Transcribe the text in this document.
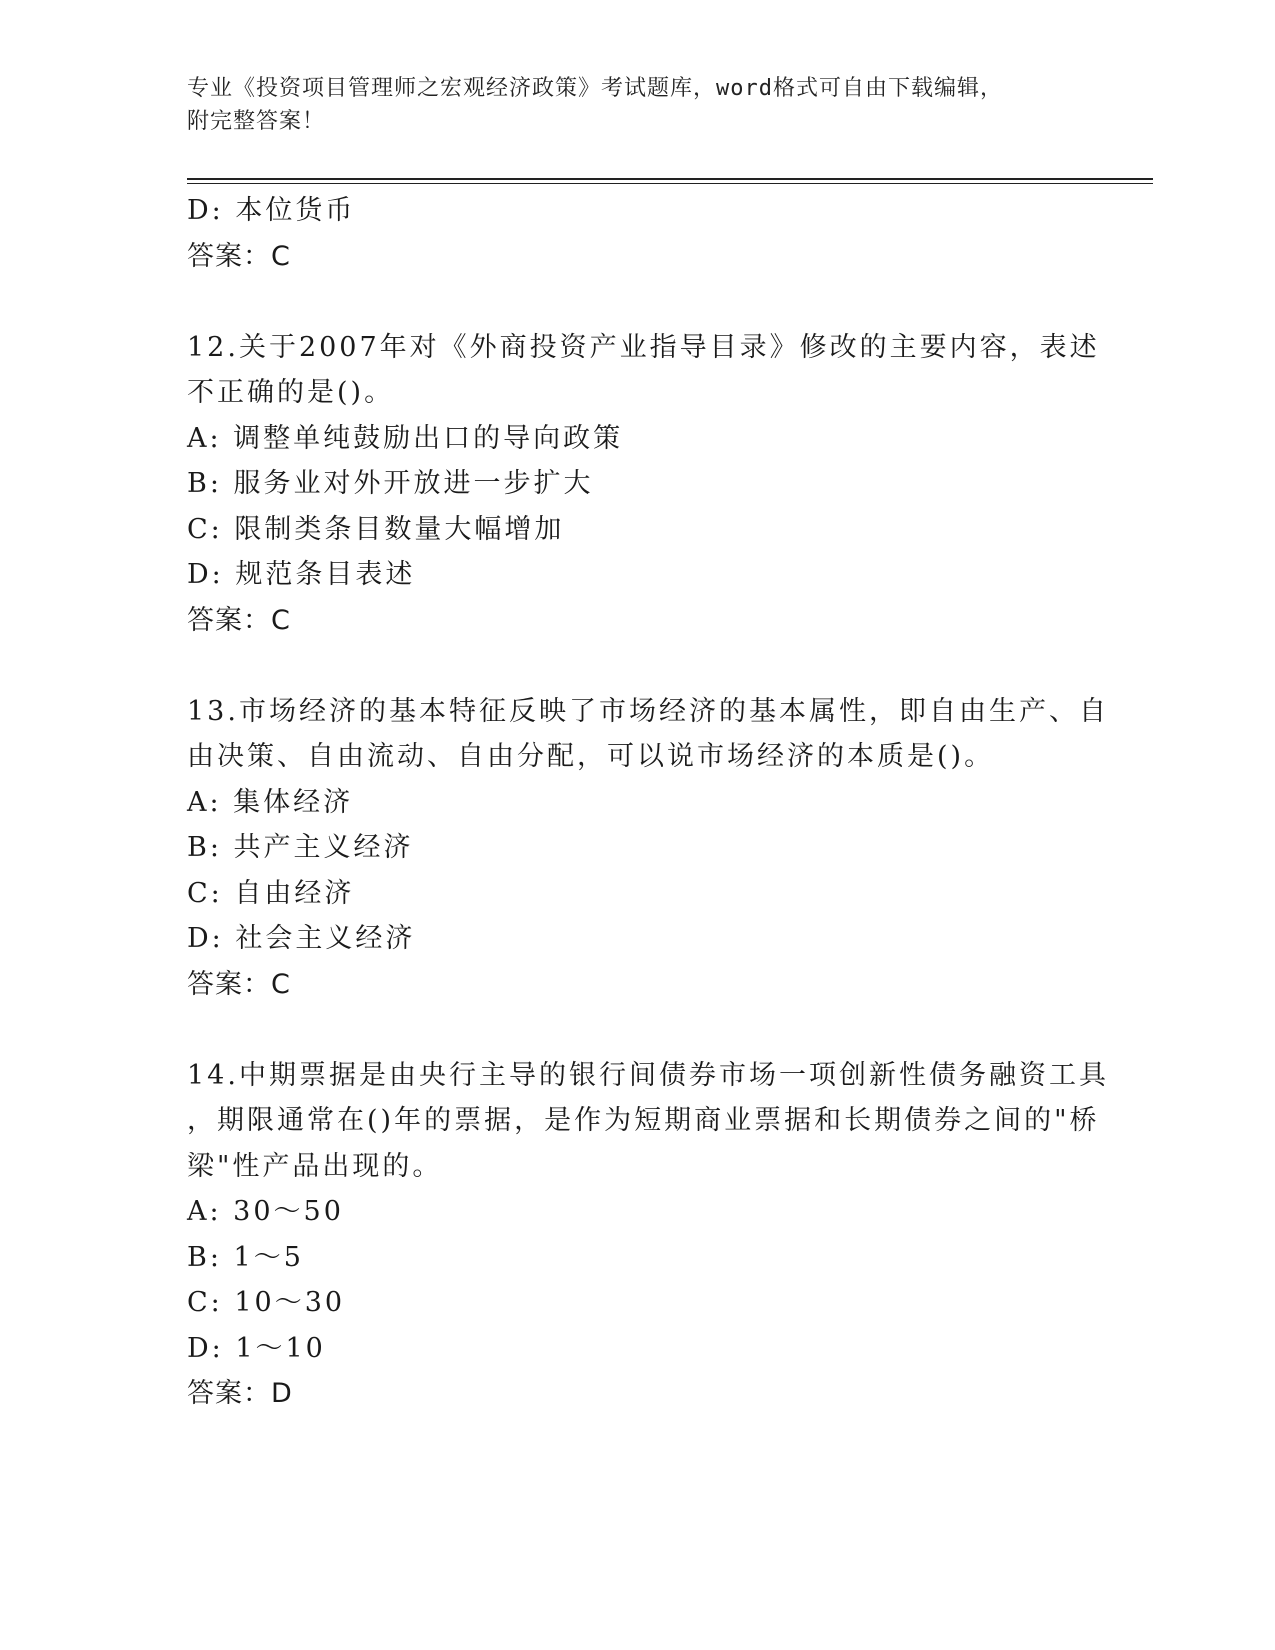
专业《投资项目管理师之宏观经济政策》考试题库，word格式可自由下载编辑，
附完整答案！
D: 本位货币
答案：C
12.关于2007年对《外商投资产业指导目录》修改的主要内容，表述
不正确的是()。
A: 调整单纯鼓励出口的导向政策
B: 服务业对外开放进一步扩大
C: 限制类条目数量大幅增加
D: 规范条目表述
答案：C
13.市场经济的基本特征反映了市场经济的基本属性，即自由生产、自
由决策、自由流动、自由分配，可以说市场经济的本质是()。
A: 集体经济
B: 共产主义经济
C: 自由经济
D: 社会主义经济
答案：C
14.中期票据是由央行主导的银行间债券市场一项创新性债务融资工具
，期限通常在()年的票据，是作为短期商业票据和长期债券之间的"桥
梁"性产品出现的。
A: 30～50
B: 1～5
C: 10～30
D: 1～10
答案：D
